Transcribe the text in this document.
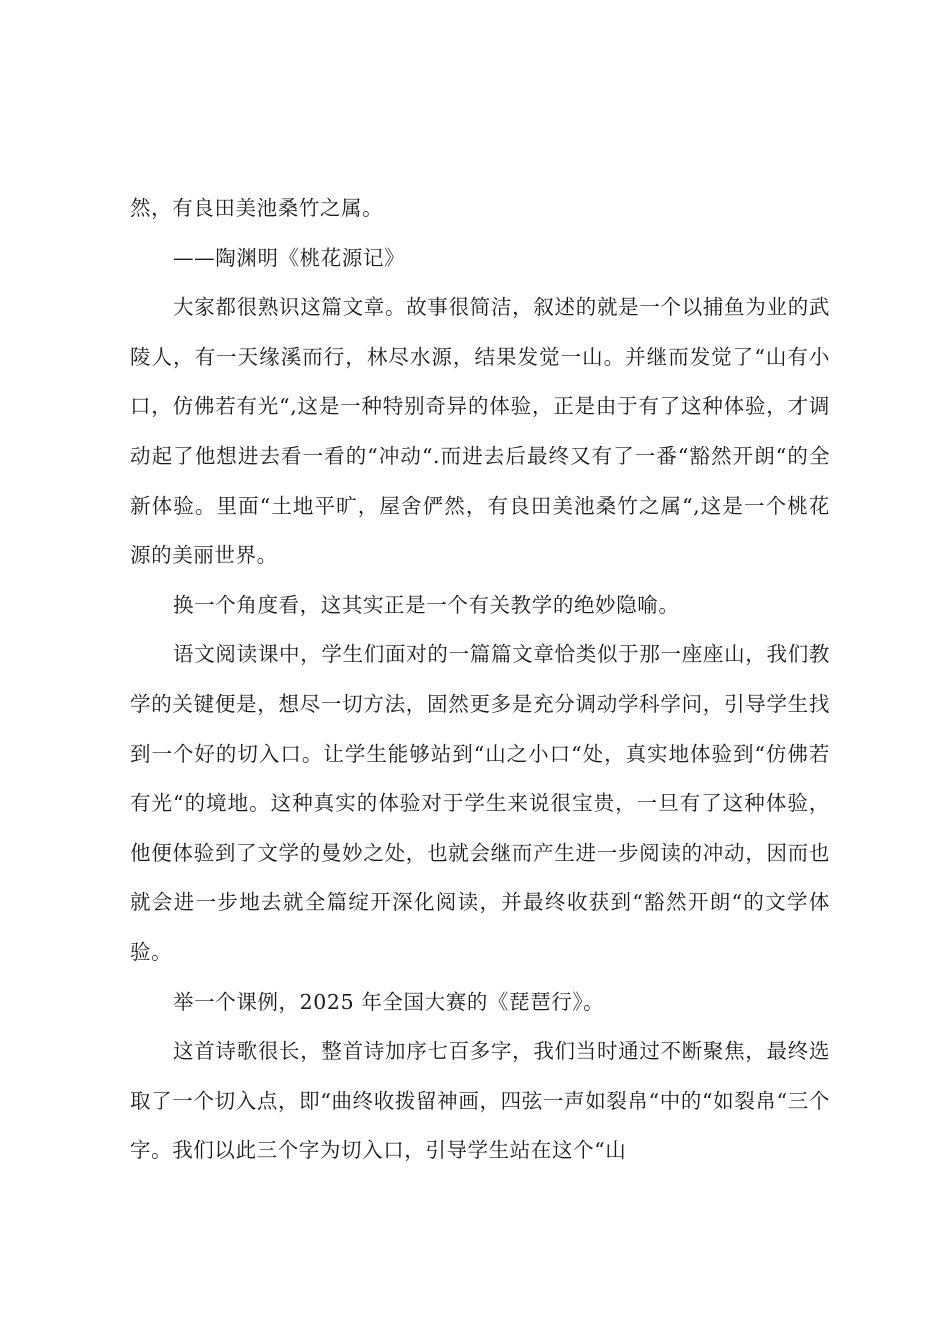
然，有良田美池桑竹之属。

——陶渊明《桃花源记》

大家都很熟识这篇文章。故事很简洁，叙述的就是一个以捕鱼为业的武陵人，有一天缘溪而行，林尽水源，结果发觉一山。并继而发觉了“山有小口，仿佛若有光“,这是一种特别奇异的体验，正是由于有了这种体验，才调动起了他想进去看一看的“冲动“.而进去后最终又有了一番“豁然开朗“的全新体验。里面“土地平旷，屋舍俨然，有良田美池桑竹之属“,这是一个桃花源的美丽世界。

换一个角度看，这其实正是一个有关教学的绝妙隐喻。

语文阅读课中，学生们面对的一篇篇文章恰类似于那一座座山，我们教学的关键便是，想尽一切方法，固然更多是充分调动学科学问，引导学生找到一个好的切入口。让学生能够站到“山之小口“处，真实地体验到“仿佛若有光“的境地。这种真实的体验对于学生来说很宝贵，一旦有了这种体验，他便体验到了文学的曼妙之处，也就会继而产生进一步阅读的冲动，因而也就会进一步地去就全篇绽开深化阅读，并最终收获到“豁然开朗“的文学体验。

举一个课例，2025 年全国大赛的《琵琶行》。

这首诗歌很长，整首诗加序七百多字，我们当时通过不断聚焦，最终选取了一个切入点，即“曲终收拨留神画，四弦一声如裂帛“中的“如裂帛“三个字。我们以此三个字为切入口，引导学生站在这个“山
